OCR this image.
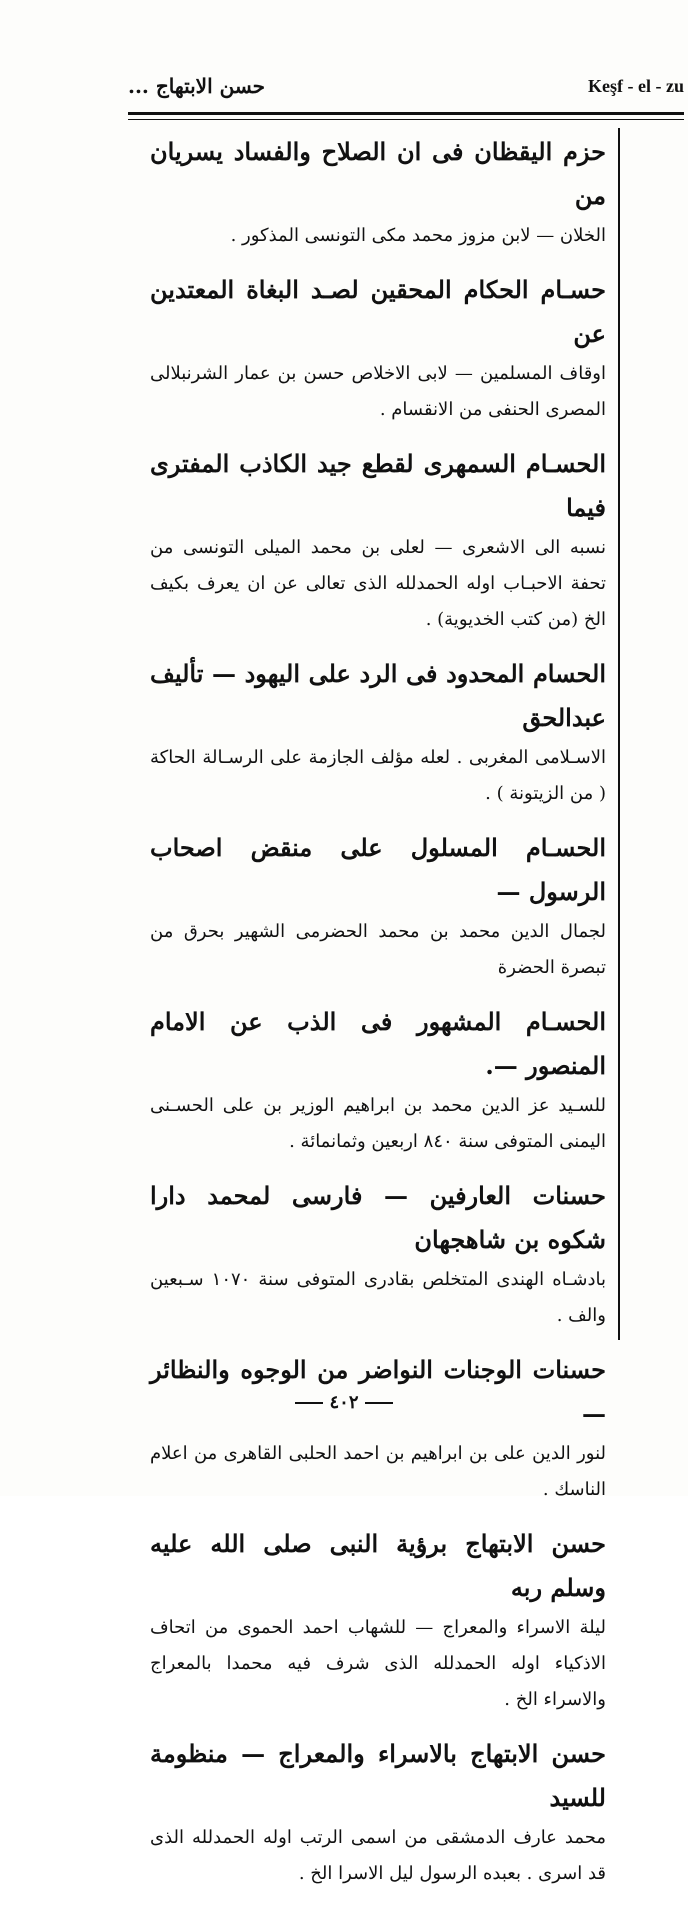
حسن الابتهاج ...	Keşf - el - zu
حزم اليقظان فى ان الصلاح والفساد يسريان من
الخلان — لابن مزوز محمد مكى التونسى المذكور .
حسـام الحكام المحقين لصـد البغاة المعتدين عن
اوقاف المسلمين — لابى الاخلاص حسن بن عمار الشرنبلالى المصرى الحنفى من الانقسام .
الحسـام السمهرى لقطع جيد الكاذب المفترى فيما
نسبه الى الاشعرى — لعلى بن محمد الميلى التونسى من تحفة الاحبـاب اوله الحمدلله الذى تعالى عن ان يعرف بكيف الخ (من كتب الخديوية) .
الحسام المحدود فى الرد على اليهود — تأليف عبدالحق
الاسـلامى المغربى . لعله مؤلف الجازمة على الرسـالة الحاكة ( من الزيتونة ) .
الحسـام المسلول على منقض اصحاب الرسول —
لجمال الدين محمد بن محمد الحضرمى الشهير بحرق من تبصرة الحضرة
الحسـام المشهور فى الذب عن الامام المنصور —.
للسـيد عز الدين محمد بن ابراهيم الوزير بن على الحسـنى اليمنى المتوفى سنة ٨٤٠ اربعين وثمانمائة .
حسنات العارفين — فارسى لمحمد دارا شكوه بن شاهجهان
بادشـاه الهندى المتخلص بقادرى المتوفى سنة ١٠٧٠ سـبعين والف .
حسنات الوجنات النواضر من الوجوه والنظائر —
لنور الدين على بن ابراهيم بن احمد الحلبى القاهرى من اعلام الناسك .
حسن الابتهاج برؤية النبى صلى الله عليه وسلم ربه
ليلة الاسراء والمعراج — للشهاب احمد الحموى من اتحاف الاذكياء اوله الحمدلله الذى شرف فيه محمدا بالمعراج والاسراء الخ .
حسن الابتهاج بالاسراء والمعراج — منظومة للسيد
محمد عارف الدمشقى من اسمى الرتب اوله الحمدلله الذى قد اسرى . بعبده الرسول ليل الاسرا الخ .
٤٠٢
